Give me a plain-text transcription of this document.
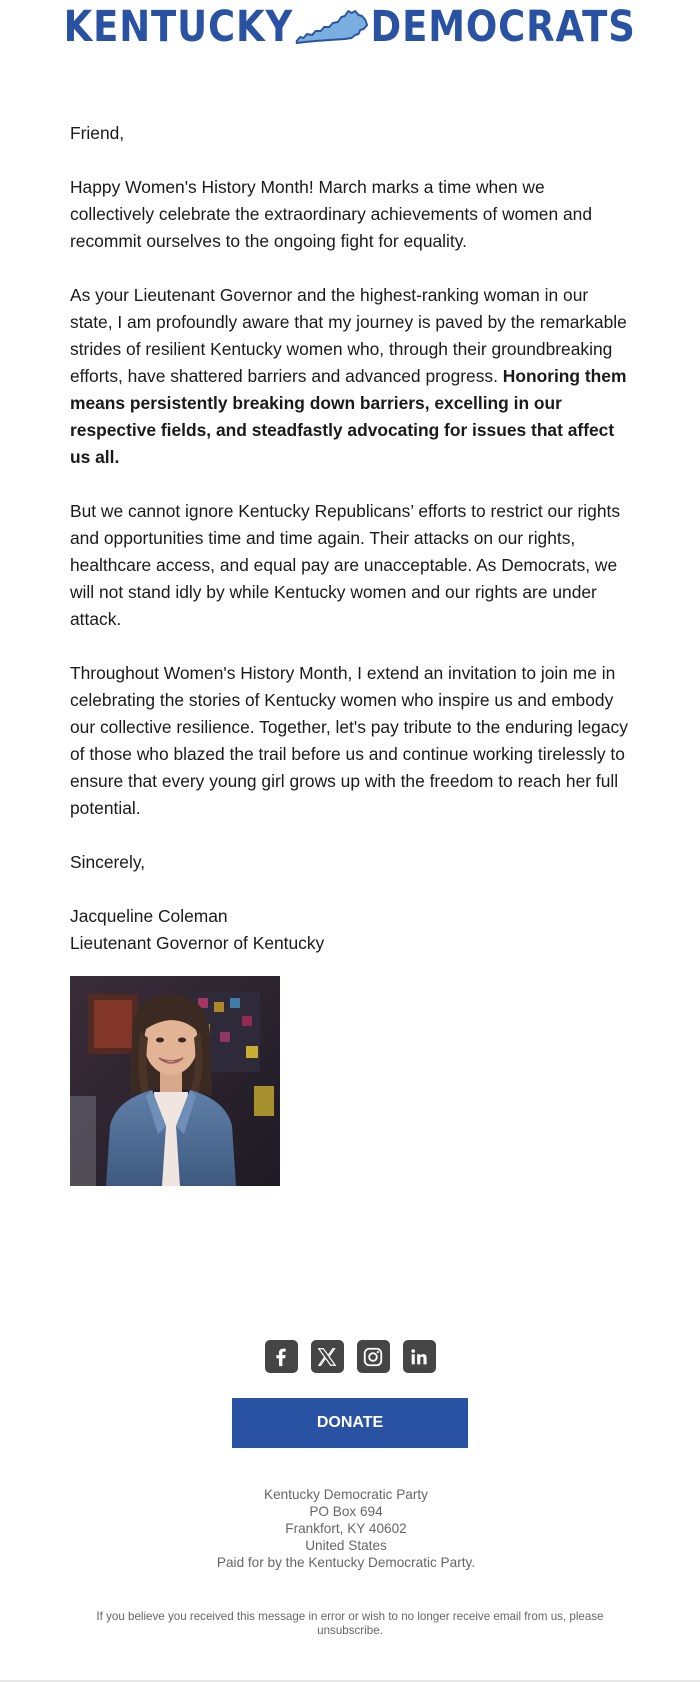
KENTUCKY DEMOCRATS

Friend,

Happy Women's History Month! March marks a time when we collectively celebrate the extraordinary achievements of women and recommit ourselves to the ongoing fight for equality.

As your Lieutenant Governor and the highest-ranking woman in our state, I am profoundly aware that my journey is paved by the remarkable strides of resilient Kentucky women who, through their groundbreaking efforts, have shattered barriers and advanced progress. Honoring them means persistently breaking down barriers, excelling in our respective fields, and steadfastly advocating for issues that affect us all.

But we cannot ignore Kentucky Republicans’ efforts to restrict our rights and opportunities time and time again. Their attacks on our rights, healthcare access, and equal pay are unacceptable. As Democrats, we will not stand idly by while Kentucky women and our rights are under attack.

Throughout Women's History Month, I extend an invitation to join me in celebrating the stories of Kentucky women who inspire us and embody our collective resilience. Together, let's pay tribute to the enduring legacy of those who blazed the trail before us and continue working tirelessly to ensure that every young girl grows up with the freedom to reach her full potential.

Sincerely,

Jacqueline Coleman

Lieutenant Governor of Kentucky

DONATE
Kentucky Democratic Party
PO Box 694
Frankfort, KY 40602
United States
Paid for by the Kentucky Democratic Party.
If you believe you received this message in error or wish to no longer receive email from us, please unsubscribe.
